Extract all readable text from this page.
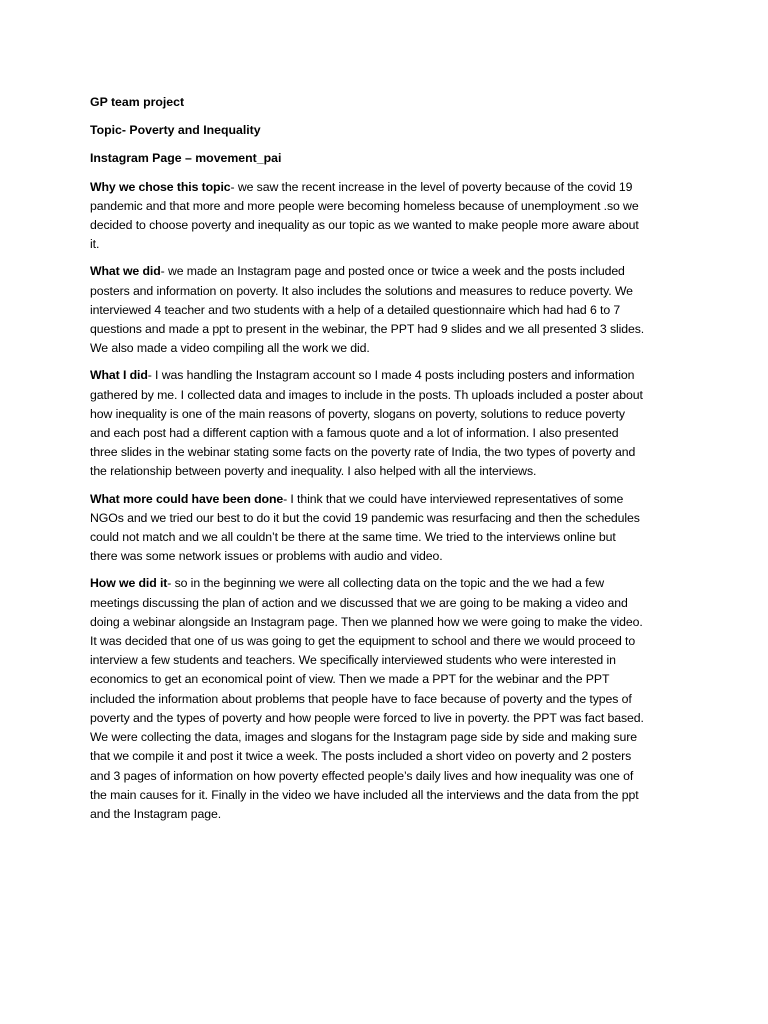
GP team project
Topic- Poverty and Inequality
Instagram Page – movement_pai
Why we chose this topic- we saw the recent increase in the level of poverty because of the covid 19
pandemic and that more and more people were becoming homeless because of unemployment .so we
decided to choose poverty and inequality as our topic as we wanted to make people more aware about
it.
What we did- we made an Instagram page and posted once or twice a week and the posts included
posters and information on poverty. It also includes the solutions and measures to reduce poverty. We
interviewed 4 teacher and two students with a help of a detailed questionnaire which had had 6 to 7
questions and made a ppt to present in the webinar, the PPT had 9 slides and we all presented 3 slides.
We also made a video compiling all the work we did.
What I did- I was handling the Instagram account so I made 4 posts including posters and information
gathered by me. I collected data and images to include in the posts. Th uploads included a poster about
how inequality is one of the main reasons of poverty, slogans on poverty, solutions to reduce poverty
and each post had a different caption with a famous quote and a lot of information. I also presented
three slides in the webinar stating some facts on the poverty rate of India, the two types of poverty and
the relationship between poverty and inequality. I also helped with all the interviews.
What more could have been done- I think that we could have interviewed representatives of some
NGOs and we tried our best to do it but the covid 19 pandemic was resurfacing and then the schedules
could not match and we all couldn’t be there at the same time. We tried to the interviews online but
there was some network issues or problems with audio and video.
How we did it- so in the beginning we were all collecting data on the topic and the we had a few
meetings discussing the plan of action and we discussed that we are going to be making a video and
doing a webinar alongside an Instagram page. Then we planned how we were going to make the video.
It was decided that one of us was going to get the equipment to school and there we would proceed to
interview a few students and teachers. We specifically interviewed students who were interested in
economics to get an economical point of view. Then we made a PPT for the webinar and the PPT
included the information about problems that people have to face because of poverty and the types of
poverty and the types of poverty and how people were forced to live in poverty. the PPT was fact based.
We were collecting the data, images and slogans for the Instagram page side by side and making sure
that we compile it and post it twice a week. The posts included a short video on poverty and 2 posters
and 3 pages of information on how poverty effected people’s daily lives and how inequality was one of
the main causes for it. Finally in the video we have included all the interviews and the data from the ppt
and the Instagram page.
